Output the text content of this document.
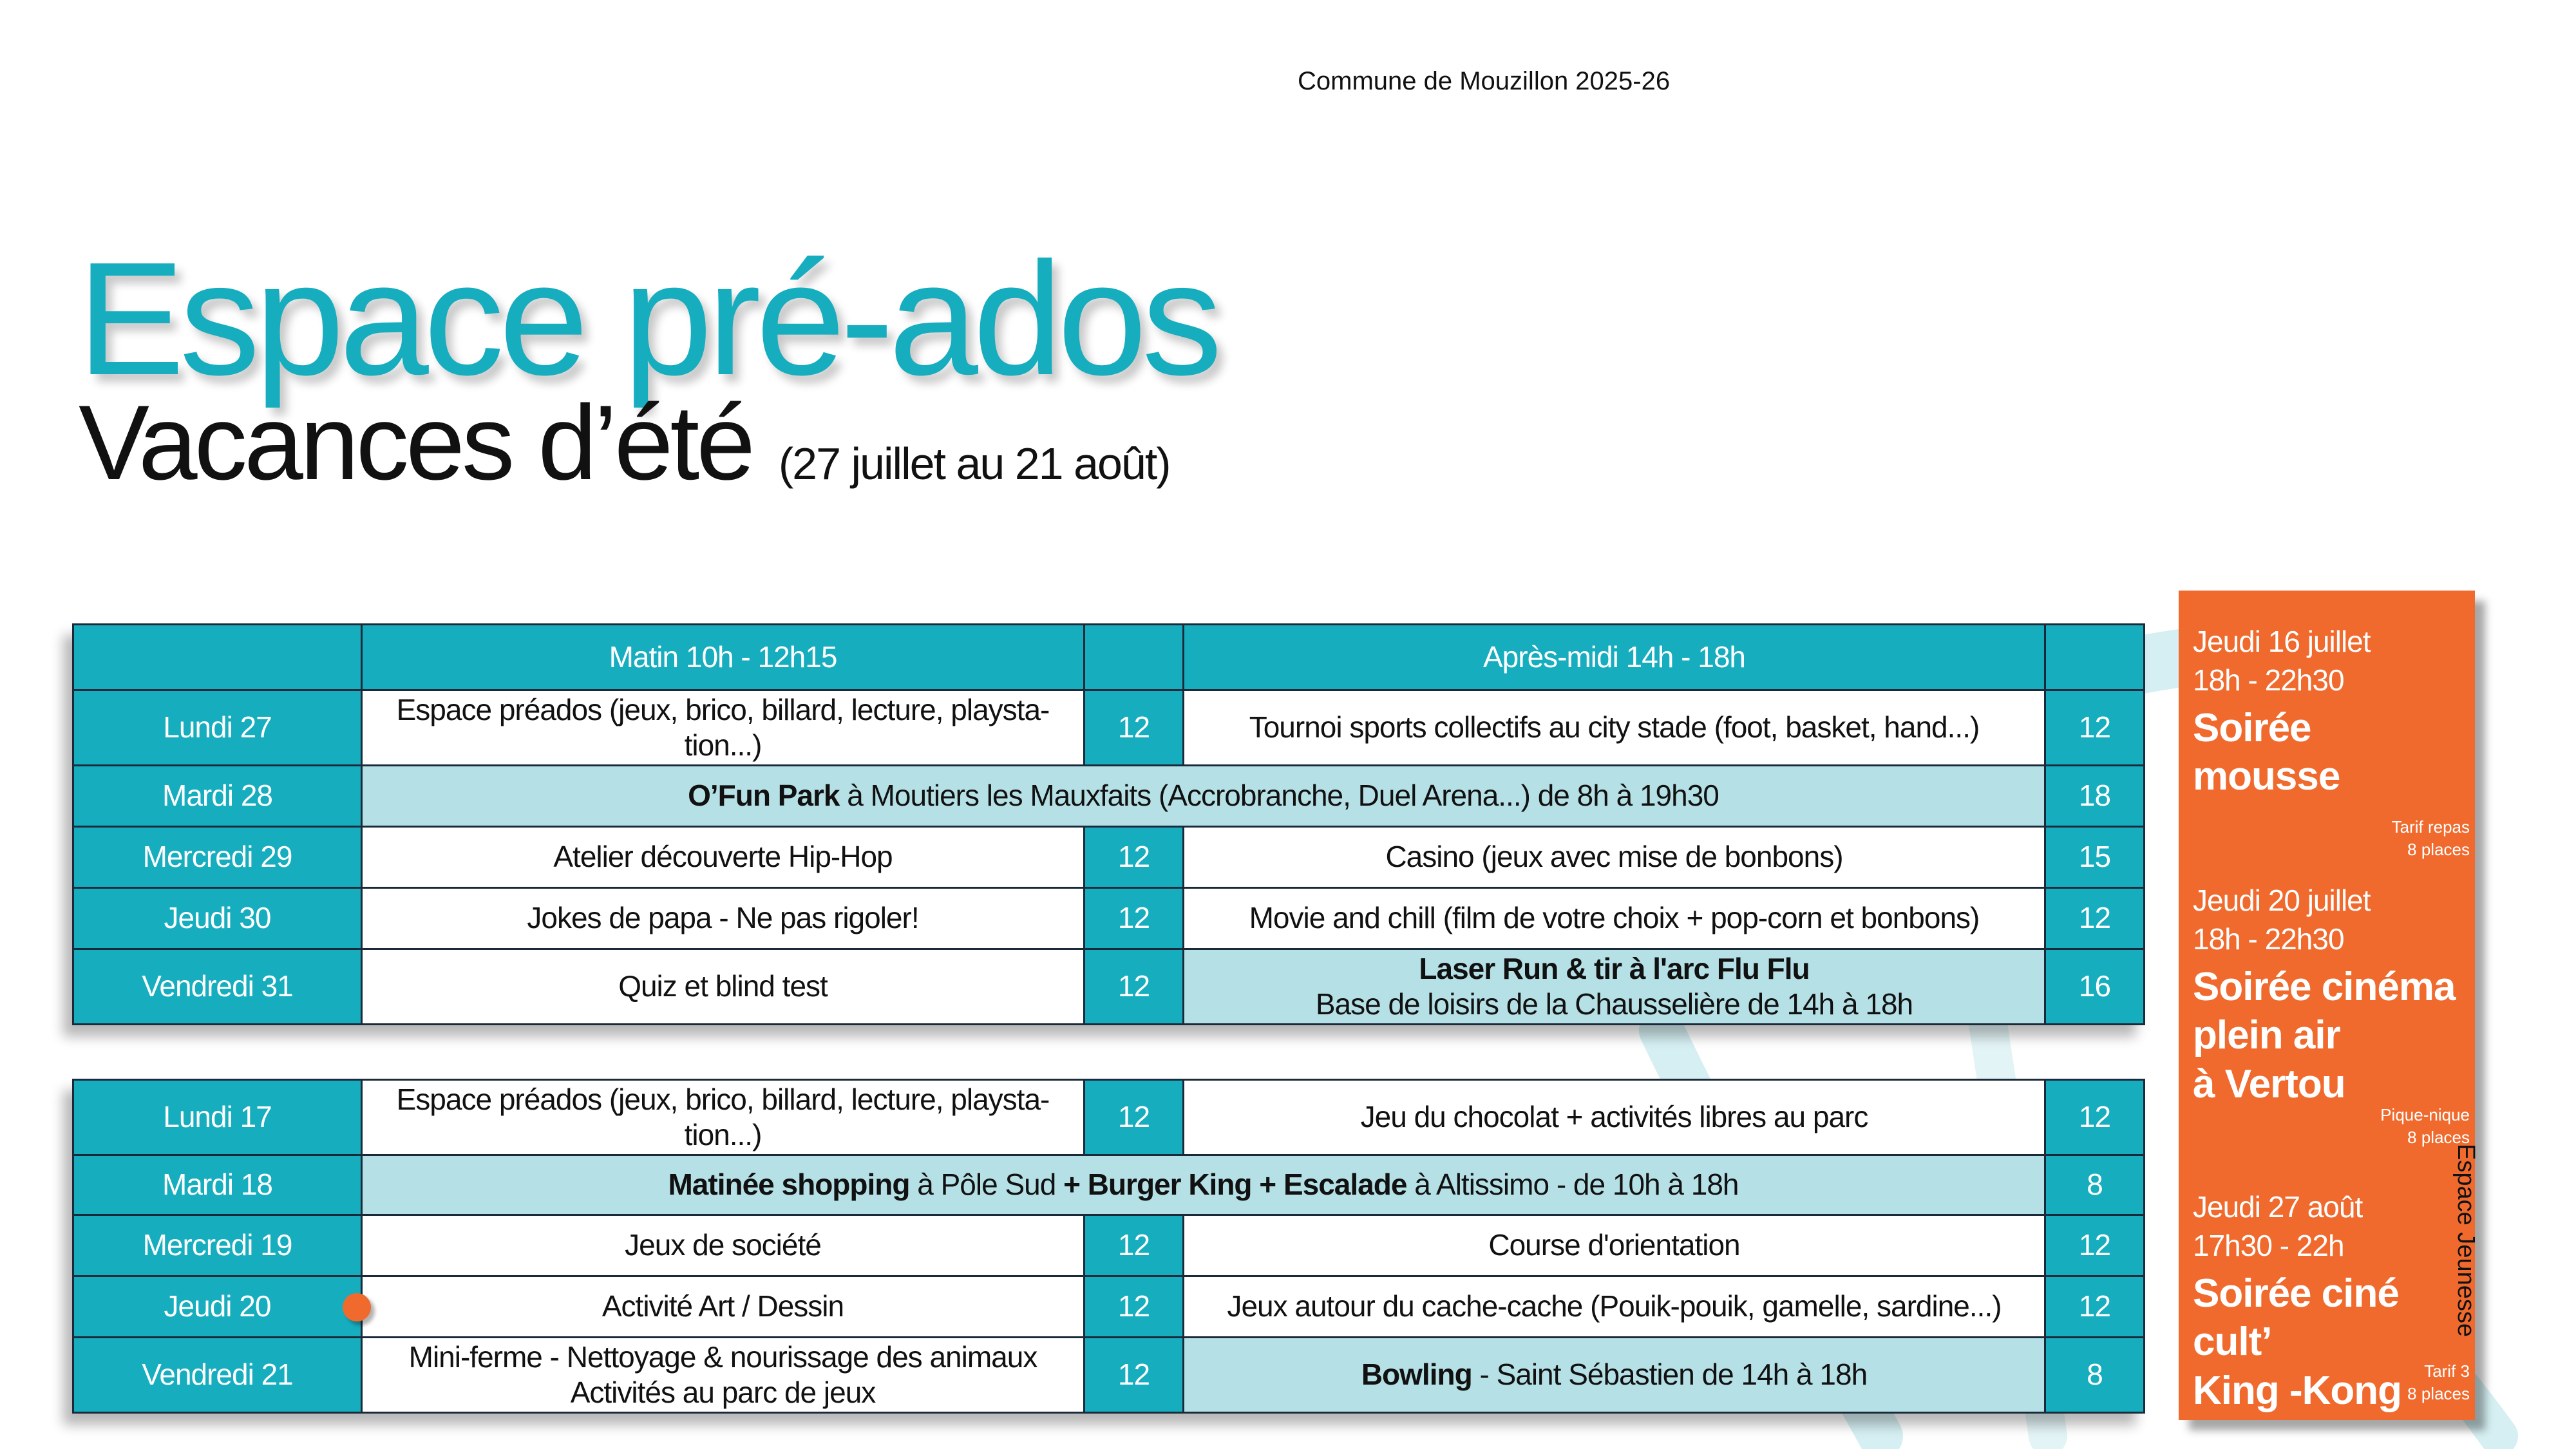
Commune de Mouzillon 2025-26
Espace pré-ados
Vacances d’été (27 juillet au 21 août)
	Matin 10h - 12h15		Après-midi 14h - 18h	
Lundi 27	Espace préados (jeux, brico, billard, lecture, playsta-tion...)	12	Tournoi sports collectifs au city stade (foot, basket, hand...)	12
Mardi 28	O’Fun Park à Moutiers les Mauxfaits (Accrobranche, Duel Arena...) de 8h à 19h30			18
Mercredi 29	Atelier découverte Hip-Hop	12	Casino (jeux avec mise de bonbons)	15
Jeudi 30	Jokes de papa - Ne pas rigoler!	12	Movie and chill (film de votre choix + pop-corn et bonbons)	12
Vendredi 31	Quiz et blind test	12	Laser Run & tir à l'arc Flu Flu
Base de loisirs de la Chausselière de 14h à 18h	16
Lundi 17	Espace préados (jeux, brico, billard, lecture, playsta-tion...)	12	Jeu du chocolat + activités libres au parc	12
Mardi 18	Matinée shopping à Pôle Sud + Burger King + Escalade à Altissimo - de 10h à 18h			8
Mercredi 19	Jeux de société	12	Course d'orientation	12
Jeudi 20	Activité Art / Dessin	12	Jeux autour du cache-cache (Pouik-pouik, gamelle, sardine...)	12
Vendredi 21	Mini-ferme - Nettoyage & nourissage des animaux
Activités au parc de jeux	12	Bowling - Saint Sébastien de 14h à 18h	8
Jeudi 16 juillet
18h - 22h30
Soirée
mousse
Tarif repas
8 places
Jeudi 20 juillet
18h - 22h30
Soirée cinéma
plein air
à Vertou
Pique-nique
8 places
Jeudi 27 août
17h30 - 22h
Soirée ciné cult’
King -Kong	Tarif 3
8 places
Espace Jeunesse
